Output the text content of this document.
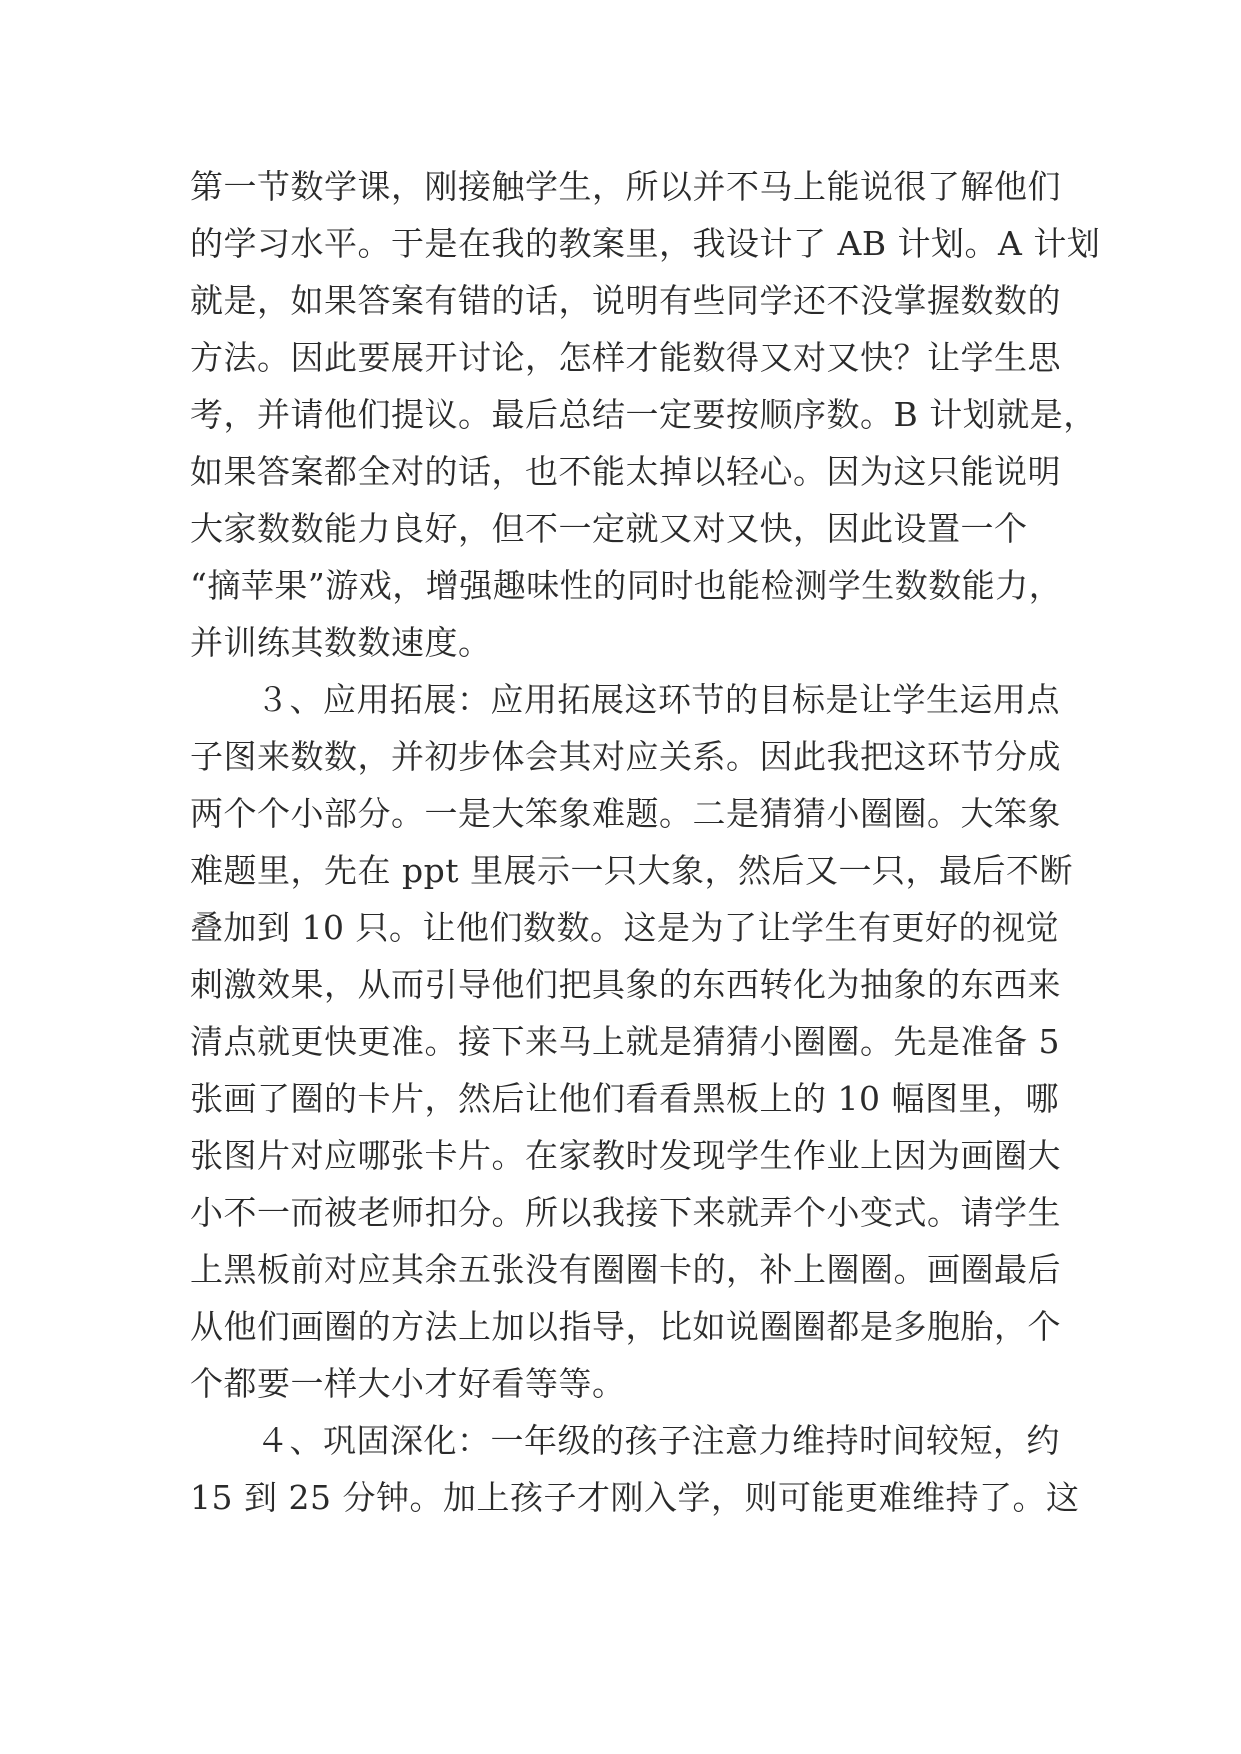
第一节数学课，刚接触学生，所以并不马上能说很了解他们
的学习水平。于是在我的教案里，我设计了 AB 计划。A 计划
就是，如果答案有错的话，说明有些同学还不没掌握数数的
方法。因此要展开讨论，怎样才能数得又对又快？让学生思
考，并请他们提议。最后总结一定要按顺序数。B 计划就是，
如果答案都全对的话，也不能太掉以轻心。因为这只能说明
大家数数能力良好，但不一定就又对又快，因此设置一个
“摘苹果”游戏，增强趣味性的同时也能检测学生数数能力，
并训练其数数速度。
３、应用拓展：应用拓展这环节的目标是让学生运用点
子图来数数，并初步体会其对应关系。因此我把这环节分成
两个个小部分。一是大笨象难题。二是猜猜小圈圈。大笨象
难题里，先在 ppt 里展示一只大象，然后又一只，最后不断
叠加到 10 只。让他们数数。这是为了让学生有更好的视觉
刺激效果，从而引导他们把具象的东西转化为抽象的东西来
清点就更快更准。接下来马上就是猜猜小圈圈。先是准备 5
张画了圈的卡片，然后让他们看看黑板上的 10 幅图里，哪
张图片对应哪张卡片。在家教时发现学生作业上因为画圈大
小不一而被老师扣分。所以我接下来就弄个小变式。请学生
上黑板前对应其余五张没有圈圈卡的，补上圈圈。画圈最后
从他们画圈的方法上加以指导，比如说圈圈都是多胞胎，个
个都要一样大小才好看等等。
４、巩固深化：一年级的孩子注意力维持时间较短，约
15 到 25 分钟。加上孩子才刚入学，则可能更难维持了。这
